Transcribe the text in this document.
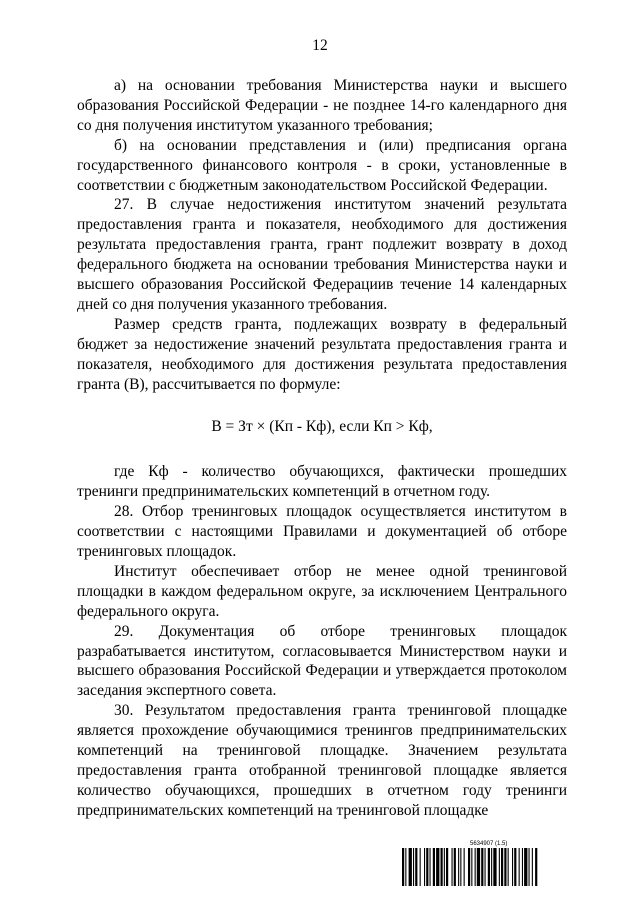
12

а) на основании требования Министерства науки и высшего образования Российской Федерации - не позднее 14-го календарного дня со дня получения институтом указанного требования;

б) на основании представления и (или) предписания органа государственного финансового контроля - в сроки, установленные в соответствии с бюджетным законодательством Российской Федерации.

27. В случае недостижения институтом значений результата предоставления гранта и показателя, необходимого для достижения результата предоставления гранта, грант подлежит возврату в доход федерального бюджета на основании требования Министерства науки и высшего образования Российской Федерациив течение 14 календарных дней со дня получения указанного требования.

Размер средств гранта, подлежащих возврату в федеральный бюджет за недостижение значений результата предоставления гранта и показателя, необходимого для достижения результата предоставления гранта (В), рассчитывается по формуле:

В = Зт × (Кп - Кф), если Кп > Кф,

где Кф - количество обучающихся, фактически прошедших тренинги предпринимательских компетенций в отчетном году.

28. Отбор тренинговых площадок осуществляется институтом в соответствии с настоящими Правилами и документацией об отборе тренинговых площадок.

Институт обеспечивает отбор не менее одной тренинговой площадки в каждом федеральном округе, за исключением Центрального федерального округа.

29. Документация об отборе тренинговых площадок разрабатывается институтом, согласовывается Министерством науки и высшего образования Российской Федерации и утверждается протоколом заседания экспертного совета.

30. Результатом предоставления гранта тренинговой площадке является прохождение обучающимися тренингов предпринимательских компетенций на тренинговой площадке. Значением результата предоставления гранта отобранной тренинговой площадке является количество обучающихся, прошедших в отчетном году тренинги предпринимательских компетенций на тренинговой площадке

5634907 (1.5)
